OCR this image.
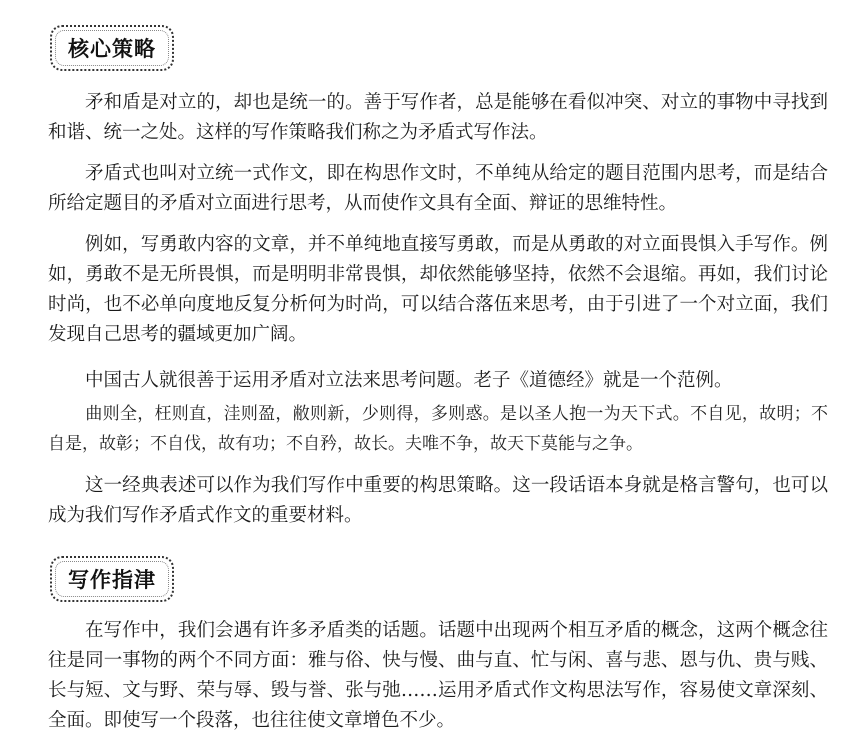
核心策略

矛和盾是对立的，却也是统一的。善于写作者，总是能够在看似冲突、对立的事物中寻找到和谐、统一之处。这样的写作策略我们称之为矛盾式写作法。

矛盾式也叫对立统一式作文，即在构思作文时，不单纯从给定的题目范围内思考，而是结合所给定题目的矛盾对立面进行思考，从而使作文具有全面、辩证的思维特性。

例如，写勇敢内容的文章，并不单纯地直接写勇敢，而是从勇敢的对立面畏惧入手写作。例如，勇敢不是无所畏惧，而是明明非常畏惧，却依然能够坚持，依然不会退缩。再如，我们讨论时尚，也不必单向度地反复分析何为时尚，可以结合落伍来思考，由于引进了一个对立面，我们发现自己思考的疆域更加广阔。

中国古人就很善于运用矛盾对立法来思考问题。老子《道德经》就是一个范例。

曲则全，枉则直，洼则盈，敝则新，少则得，多则惑。是以圣人抱一为天下式。不自见，故明；不自是，故彰；不自伐，故有功；不自矜，故长。夫唯不争，故天下莫能与之争。

这一经典表述可以作为我们写作中重要的构思策略。这一段话语本身就是格言警句，也可以成为我们写作矛盾式作文的重要材料。

写作指津

在写作中，我们会遇有许多矛盾类的话题。话题中出现两个相互矛盾的概念，这两个概念往往是同一事物的两个不同方面：雅与俗、快与慢、曲与直、忙与闲、喜与悲、恩与仇、贵与贱、长与短、文与野、荣与辱、毁与誉、张与弛……运用矛盾式作文构思法写作，容易使文章深刻、全面。即使写一个段落，也往往使文章增色不少。
